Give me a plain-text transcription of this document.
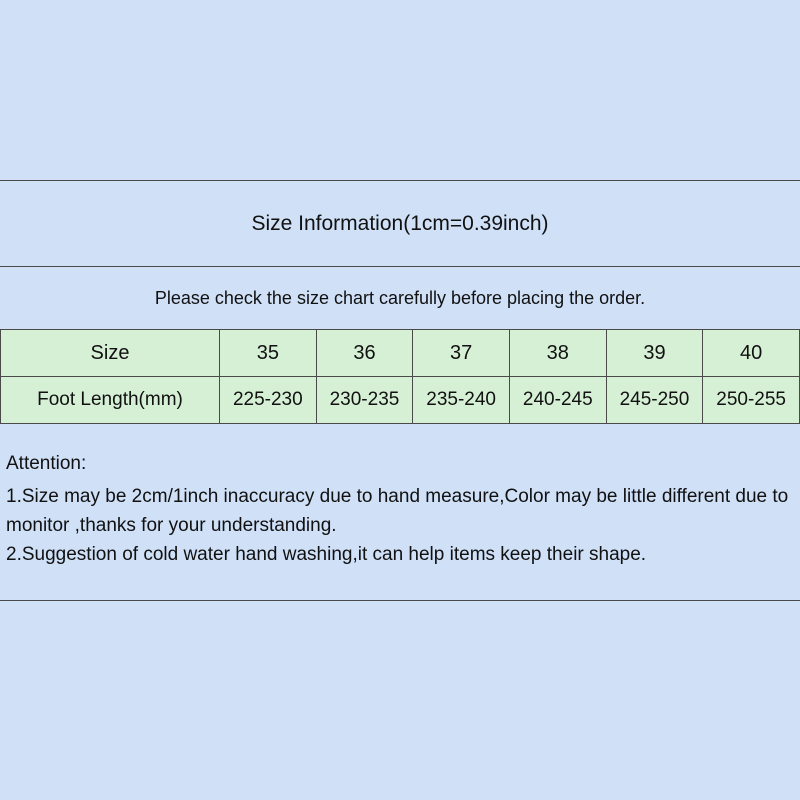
Size Information(1cm=0.39inch)
Please check the size chart carefully before placing the order.
Size	35	36	37	38	39	40
Foot Length(mm)	225-230	230-235	235-240	240-245	245-250	250-255

Attention:

1.Size may be 2cm/1inch inaccuracy due to hand measure,Color may be little different due to monitor ,thanks for your understanding.

2.Suggestion of cold water hand washing,it can help items keep their shape.
